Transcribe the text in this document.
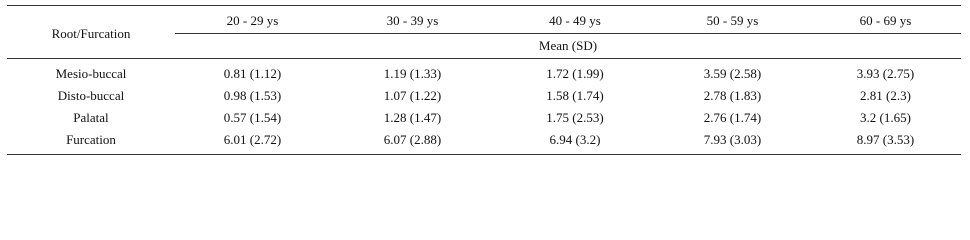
Root/Furcation	20 - 29 ys	30 - 39 ys	40 - 49 ys	50 - 59 ys	60 - 69 ys
	Mean (SD)				
Mesio-buccal	0.81 (1.12)	1.19 (1.33)	1.72 (1.99)	3.59 (2.58)	3.93 (2.75)
Disto-buccal	0.98 (1.53)	1.07 (1.22)	1.58 (1.74)	2.78 (1.83)	2.81 (2.3)
Palatal	0.57 (1.54)	1.28 (1.47)	1.75 (2.53)	2.76 (1.74)	3.2 (1.65)
Furcation	6.01 (2.72)	6.07 (2.88)	6.94 (3.2)	7.93 (3.03)	8.97 (3.53)
